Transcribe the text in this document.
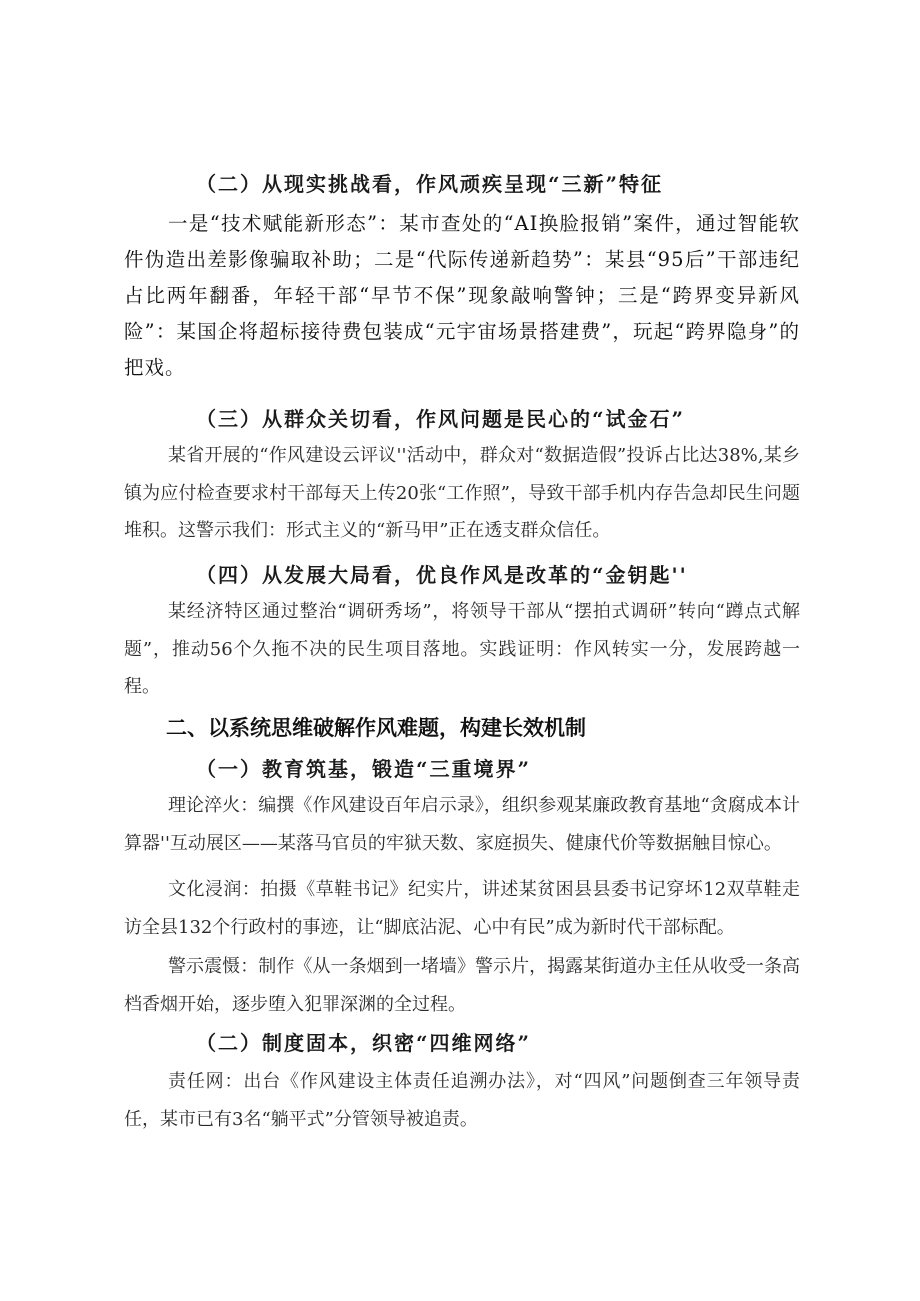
（二）从现实挑战看，作风顽疾呈现“三新”特征
一是“技术赋能新形态”：某市查处的“AI换脸报销”案件，通过智能软件伪造出差影像骗取补助；二是“代际传递新趋势”：某县“95后”干部违纪占比两年翻番，年轻干部“早节不保”现象敲响警钟；三是“跨界变异新风险”：某国企将超标接待费包装成“元宇宙场景搭建费”，玩起“跨界隐身”的把戏。
（三）从群众关切看，作风问题是民心的“试金石”
某省开展的“作风建设云评议''活动中，群众对“数据造假”投诉占比达38%,某乡镇为应付检查要求村干部每天上传20张“工作照”，导致干部手机内存告急却民生问题堆积。这警示我们：形式主义的“新马甲”正在透支群众信任。
（四）从发展大局看，优良作风是改革的“金钥匙''
某经济特区通过整治“调研秀场”，将领导干部从“摆拍式调研”转向“蹲点式解题”，推动56个久拖不决的民生项目落地。实践证明：作风转实一分，发展跨越一程。
二、以系统思维破解作风难题，构建长效机制
（一）教育筑基，锻造“三重境界”
理论淬火：编撰《作风建设百年启示录》，组织参观某廉政教育基地“贪腐成本计算器''互动展区——某落马官员的牢狱天数、家庭损失、健康代价等数据触目惊心。
文化浸润：拍摄《草鞋书记》纪实片，讲述某贫困县县委书记穿坏12双草鞋走访全县132个行政村的事迹，让“脚底沾泥、心中有民”成为新时代干部标配。
警示震慑：制作《从一条烟到一堵墙》警示片，揭露某街道办主任从收受一条高档香烟开始，逐步堕入犯罪深渊的全过程。
（二）制度固本，织密“四维网络”
责任网：出台《作风建设主体责任追溯办法》，对“四风”问题倒查三年领导责任，某市已有3名“躺平式”分管领导被追责。
